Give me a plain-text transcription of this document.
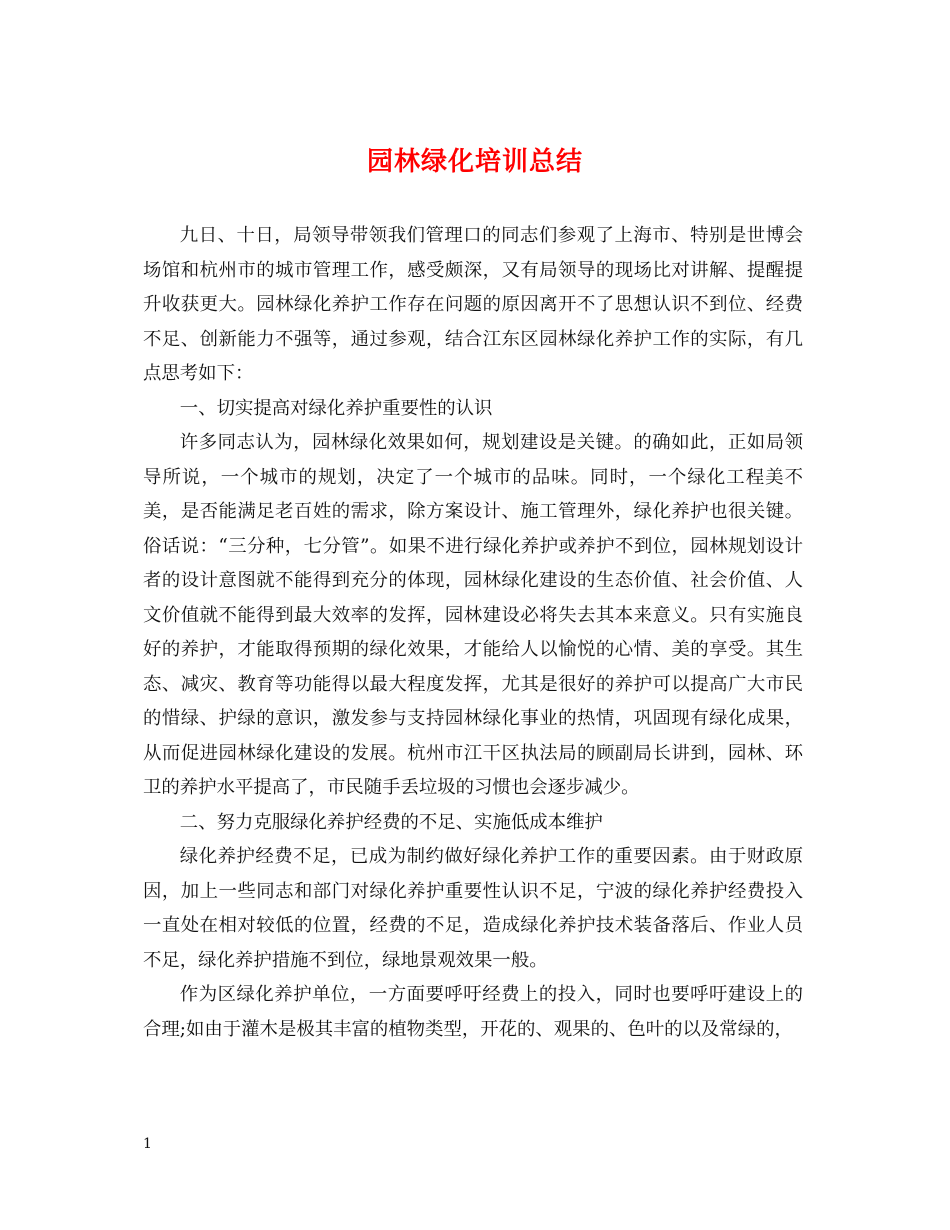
园林绿化培训总结

九日、十日，局领导带领我们管理口的同志们参观了上海市、特别是世博会场馆和杭州市的城市管理工作，感受颇深，又有局领导的现场比对讲解、提醒提升收获更大。园林绿化养护工作存在问题的原因离开不了思想认识不到位、经费不足、创新能力不强等，通过参观，结合江东区园林绿化养护工作的实际，有几点思考如下：

一、切实提高对绿化养护重要性的认识

许多同志认为，园林绿化效果如何，规划建设是关键。的确如此，正如局领导所说，一个城市的规划，决定了一个城市的品味。同时，一个绿化工程美不美，是否能满足老百姓的需求，除方案设计、施工管理外，绿化养护也很关键。俗话说：“三分种，七分管”。如果不进行绿化养护或养护不到位，园林规划设计者的设计意图就不能得到充分的体现，园林绿化建设的生态价值、社会价值、人文价值就不能得到最大效率的发挥，园林建设必将失去其本来意义。只有实施良好的养护，才能取得预期的绿化效果，才能给人以愉悦的心情、美的享受。其生态、减灾、教育等功能得以最大程度发挥，尤其是很好的养护可以提高广大市民的惜绿、护绿的意识，激发参与支持园林绿化事业的热情，巩固现有绿化成果，从而促进园林绿化建设的发展。杭州市江干区执法局的顾副局长讲到，园林、环卫的养护水平提高了，市民随手丢垃圾的习惯也会逐步减少。

二、努力克服绿化养护经费的不足、实施低成本维护

绿化养护经费不足，已成为制约做好绿化养护工作的重要因素。由于财政原因，加上一些同志和部门对绿化养护重要性认识不足，宁波的绿化养护经费投入一直处在相对较低的位置，经费的不足，造成绿化养护技术装备落后、作业人员不足，绿化养护措施不到位，绿地景观效果一般。

作为区绿化养护单位，一方面要呼吁经费上的投入，同时也要呼吁建设上的合理;如由于灌木是极其丰富的植物类型，开花的、观果的、色叶的以及常绿的，

1
